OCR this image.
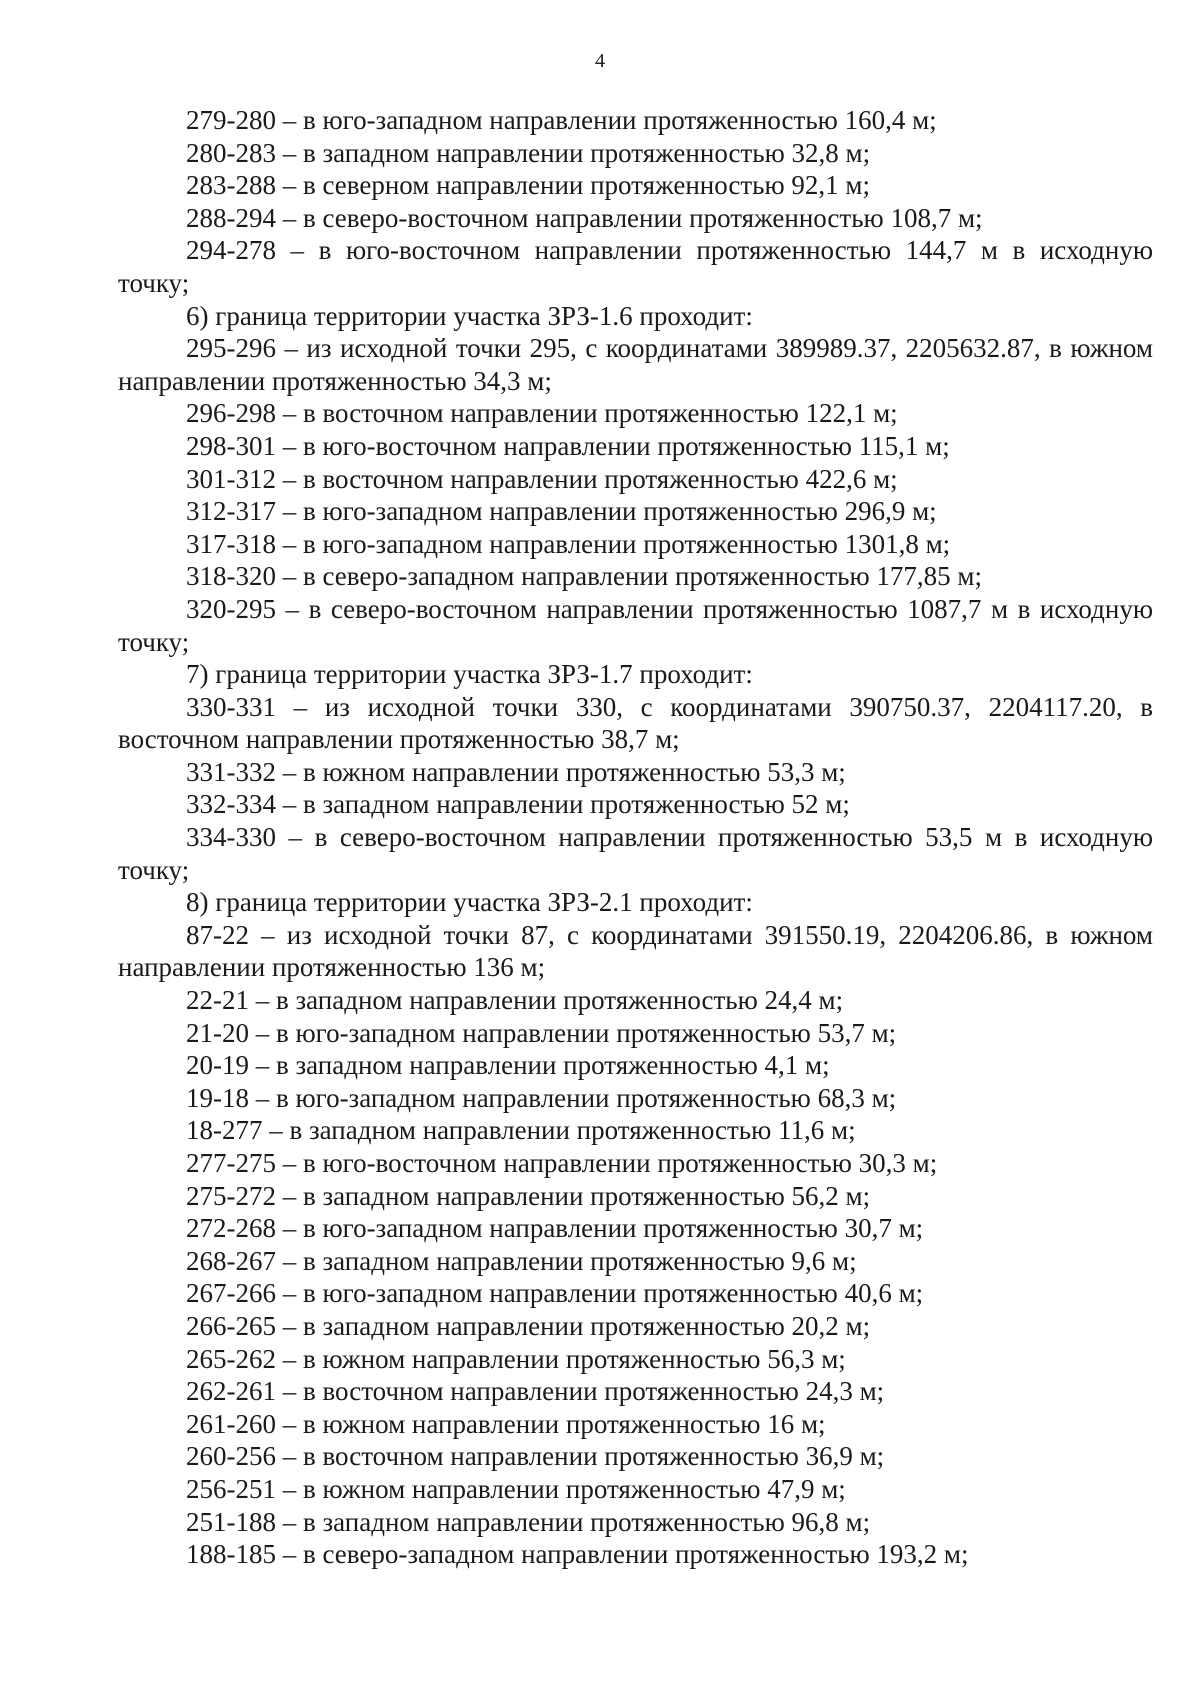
4

279-280 – в юго-западном направлении протяженностью 160,4 м;

280-283 – в западном направлении протяженностью 32,8 м;

283-288 – в северном направлении протяженностью 92,1 м;

288-294 – в северо-восточном направлении протяженностью 108,7 м;

294-278 – в юго-восточном направлении протяженностью 144,7 м в исходную точку;

6) граница территории участка ЗРЗ-1.6 проходит:

295-296 – из исходной точки 295, с координатами 389989.37, 2205632.87, в южном направлении протяженностью 34,3 м;

296-298 – в восточном направлении протяженностью 122,1 м;

298-301 – в юго-восточном направлении протяженностью 115,1 м;

301-312 – в восточном направлении протяженностью 422,6 м;

312-317 – в юго-западном направлении протяженностью 296,9 м;

317-318 – в юго-западном направлении протяженностью 1301,8 м;

318-320 – в северо-западном направлении протяженностью 177,85 м;

320-295 – в северо-восточном направлении протяженностью 1087,7 м в исходную точку;

7) граница территории участка ЗРЗ-1.7 проходит:

330-331 – из исходной точки 330, с координатами 390750.37, 2204117.20, в восточном направлении протяженностью 38,7 м;

331-332 – в южном направлении протяженностью 53,3 м;

332-334 – в западном направлении протяженностью 52 м;

334-330 – в северо-восточном направлении протяженностью 53,5 м в исходную точку;

8) граница территории участка ЗРЗ-2.1 проходит:

87-22 – из исходной точки 87, с координатами 391550.19, 2204206.86, в южном направлении протяженностью 136 м;

22-21 – в западном направлении протяженностью 24,4 м;

21-20 – в юго-западном направлении протяженностью 53,7 м;

20-19 – в западном направлении протяженностью 4,1 м;

19-18 – в юго-западном направлении протяженностью 68,3 м;

18-277 – в западном направлении протяженностью 11,6 м;

277-275 – в юго-восточном направлении протяженностью 30,3 м;

275-272 – в западном направлении протяженностью 56,2 м;

272-268 – в юго-западном направлении протяженностью 30,7 м;

268-267 – в западном направлении протяженностью 9,6 м;

267-266 – в юго-западном направлении протяженностью 40,6 м;

266-265 – в западном направлении протяженностью 20,2 м;

265-262 – в южном направлении протяженностью 56,3 м;

262-261 – в восточном направлении протяженностью 24,3 м;

261-260 – в южном направлении протяженностью 16 м;

260-256 – в восточном направлении протяженностью 36,9 м;

256-251 – в южном направлении протяженностью 47,9 м;

251-188 – в западном направлении протяженностью 96,8 м;

188-185 – в северо-западном направлении протяженностью 193,2 м;
